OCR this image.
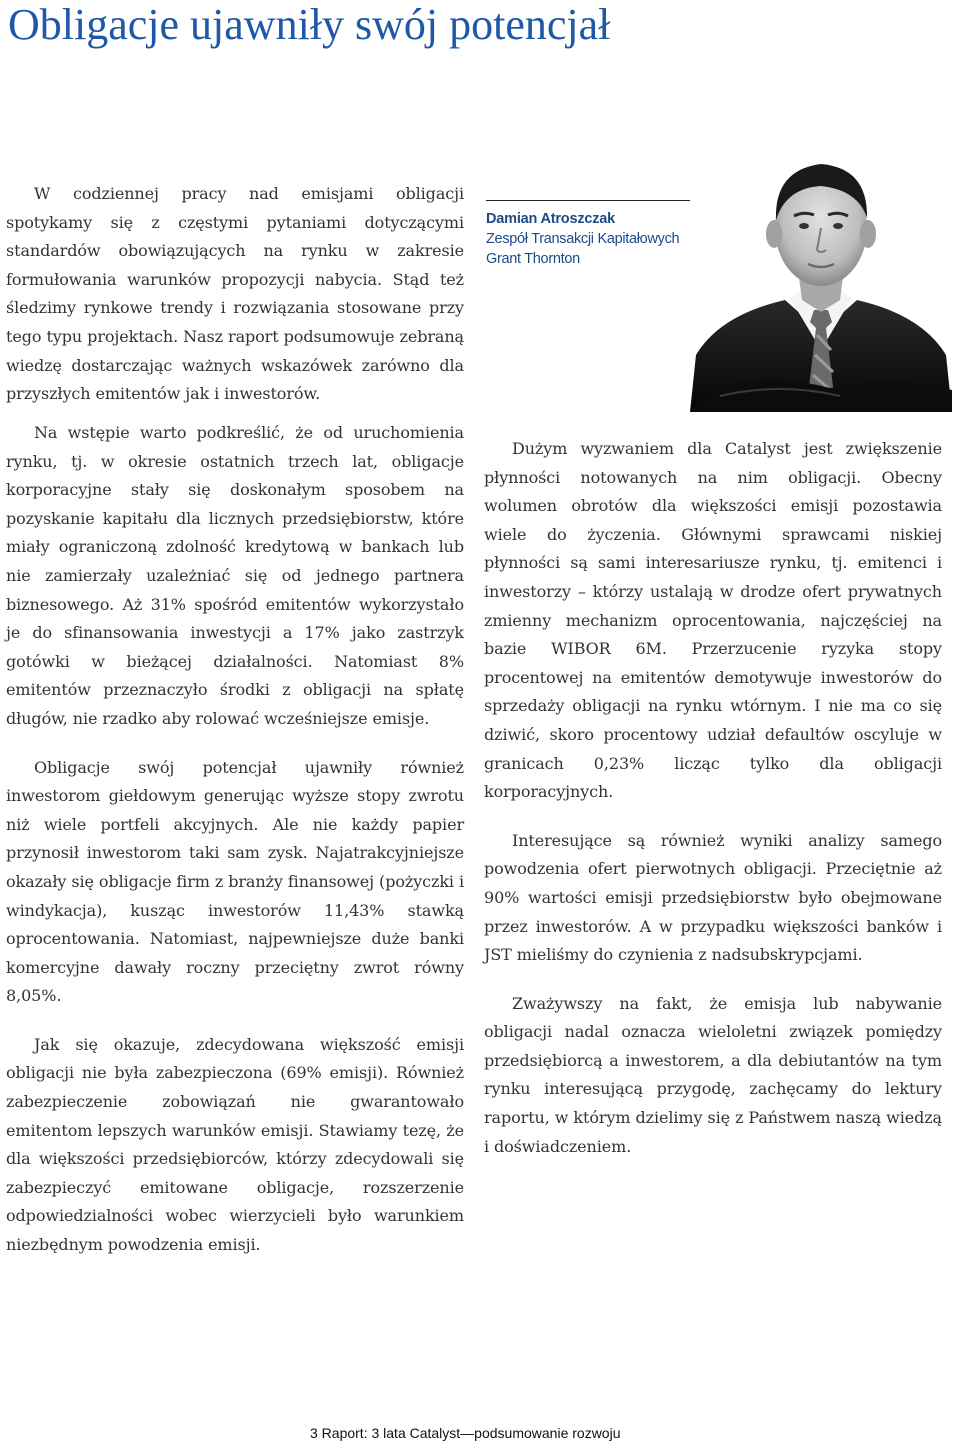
Obligacje ujawniły swój potencjał

W codziennej pracy nad emisjami obligacji spotykamy się z częstymi pytaniami dotyczącymi standardów obowiązujących na rynku w zakresie formułowania warunków propozycji nabycia. Stąd też śledzimy rynkowe trendy i rozwiązania stosowane przy tego typu projektach. Nasz raport podsumowuje zebraną wiedzę dostarczając ważnych wskazówek zarówno dla przyszłych emitentów jak i inwestorów.

Damian Atroszczak
Zespół Transakcji Kapitałowych
Grant Thornton

Na wstępie warto podkreślić, że od uruchomienia rynku, tj. w okresie ostatnich trzech lat, obligacje korporacyjne stały się doskonałym sposobem na pozyskanie kapitału dla licznych przedsiębiorstw, które miały ograniczoną zdolność kredytową w bankach lub nie zamierzały uzależniać się od jednego partnera biznesowego. Aż 31% spośród emitentów wykorzystało je do sfinansowania inwestycji a 17% jako zastrzyk gotówki w bieżącej działalności. Natomiast 8% emitentów przeznaczyło środki z obligacji na spłatę długów, nie rzadko aby rolować wcześniejsze emisje.

Obligacje swój potencjał ujawniły również inwestorom giełdowym generując wyższe stopy zwrotu niż wiele portfeli akcyjnych. Ale nie każdy papier przynosił inwestorom taki sam zysk. Najatrakcyjniejsze okazały się obligacje firm z branży finansowej (pożyczki i windykacja), kusząc inwestorów 11,43% stawką oprocentowania. Natomiast, najpewniejsze duże banki komercyjne dawały roczny przeciętny zwrot równy 8,05%.

Jak się okazuje, zdecydowana większość emisji obligacji nie była zabezpieczona (69% emisji). Również zabezpieczenie zobowiązań nie gwarantowało emitentom lepszych warunków emisji. Stawiamy tezę, że dla większości przedsiębiorców, którzy zdecydowali się zabezpieczyć emitowane obligacje, rozszerzenie odpowiedzialności wobec wierzycieli było warunkiem niezbędnym powodzenia emisji.

Dużym wyzwaniem dla Catalyst jest zwiększenie płynności notowanych na nim obligacji. Obecny wolumen obrotów dla większości emisji pozostawia wiele do życzenia. Głównymi sprawcami niskiej płynności są sami interesariusze rynku, tj. emitenci i inwestorzy – którzy ustalają w drodze ofert prywatnych zmienny mechanizm oprocentowania, najczęściej na bazie WIBOR 6M. Przerzucenie ryzyka stopy procentowej na emitentów demotywuje inwestorów do sprzedaży obligacji na rynku wtórnym. I nie ma co się dziwić, skoro procentowy udział defaultów oscyluje w granicach 0,23% licząc tylko dla obligacji korporacyjnych.

Interesujące są również wyniki analizy samego powodzenia ofert pierwotnych obligacji. Przeciętnie aż 90% wartości emisji przedsiębiorstw było obejmowane przez inwestorów. A w przypadku większości banków i JST mieliśmy do czynienia z nadsubskrypcjami.

Zważywszy na fakt, że emisja lub nabywanie obligacji nadal oznacza wieloletni związek pomiędzy przedsiębiorcą a inwestorem, a dla debiutantów na tym rynku interesującą przygodę, zachęcamy do lektury raportu, w którym dzielimy się z Państwem naszą wiedzą i doświadczeniem.

3 Raport: 3 lata Catalyst—podsumowanie rozwoju
